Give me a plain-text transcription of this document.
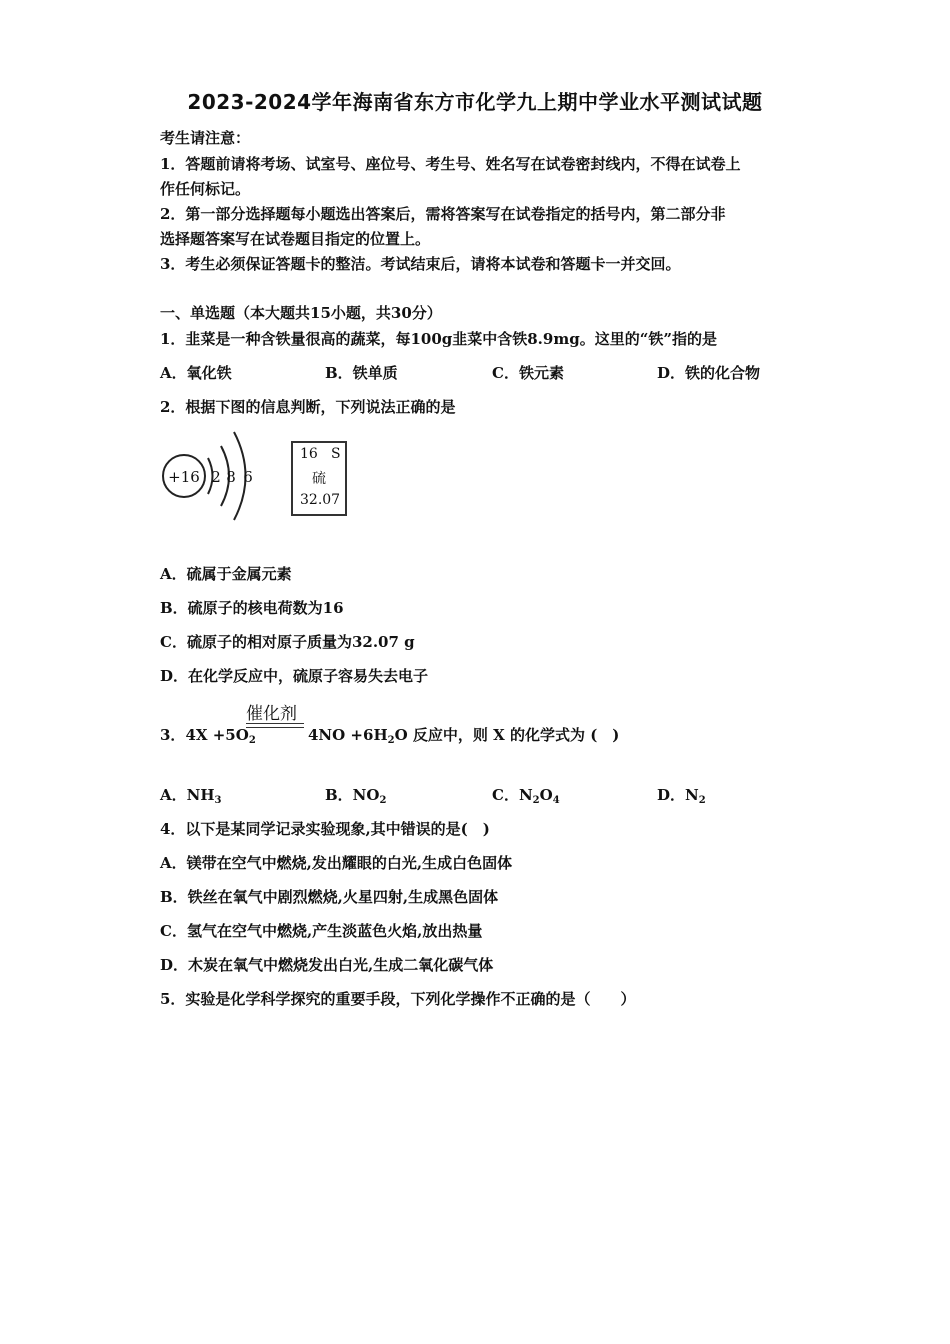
2023-2024学年海南省东方市化学九上期中学业水平测试试题
考生请注意：
1．答题前请将考场、试室号、座位号、考生号、姓名写在试卷密封线内，不得在试卷上
作任何标记。
2．第一部分选择题每小题选出答案后，需将答案写在试卷指定的括号内，第二部分非
选择题答案写在试卷题目指定的位置上。
3．考生必须保证答题卡的整洁。考试结束后，请将本试卷和答题卡一并交回。
一、单选题（本大题共15小题，共30分）
1．韭菜是一种含铁量很高的蔬菜，每100g韭菜中含铁8.9mg。这里的“铁”指的是
A．氧化铁	B．铁单质	C．铁元素	D．铁的化合物
2．根据下图的信息判断，下列说法正确的是
+16 2 8 6
16 S
硫
32.07
A．硫属于金属元素
B．硫原子的核电荷数为16
C．硫原子的相对原子质量为32.07 g
D．在化学反应中，硫原子容易失去电子
催化剂
3．$4X +5O_2$	$4NO +6H_2O$ 反应中，则 X 的化学式为 (　)
A．$NH_3$	B．$NO_2$	C．$N_2O_4$	D．$N_2$
4．以下是某同学记录实验现象,其中错误的是(　)
A．镁带在空气中燃烧,发出耀眼的白光,生成白色固体
B．铁丝在氧气中剧烈燃烧,火星四射,生成黑色固体
C．氢气在空气中燃烧,产生淡蓝色火焰,放出热量
D．木炭在氧气中燃烧发出白光,生成二氧化碳气体
5．实验是化学科学探究的重要手段，下列化学操作不正确的是（　　）
